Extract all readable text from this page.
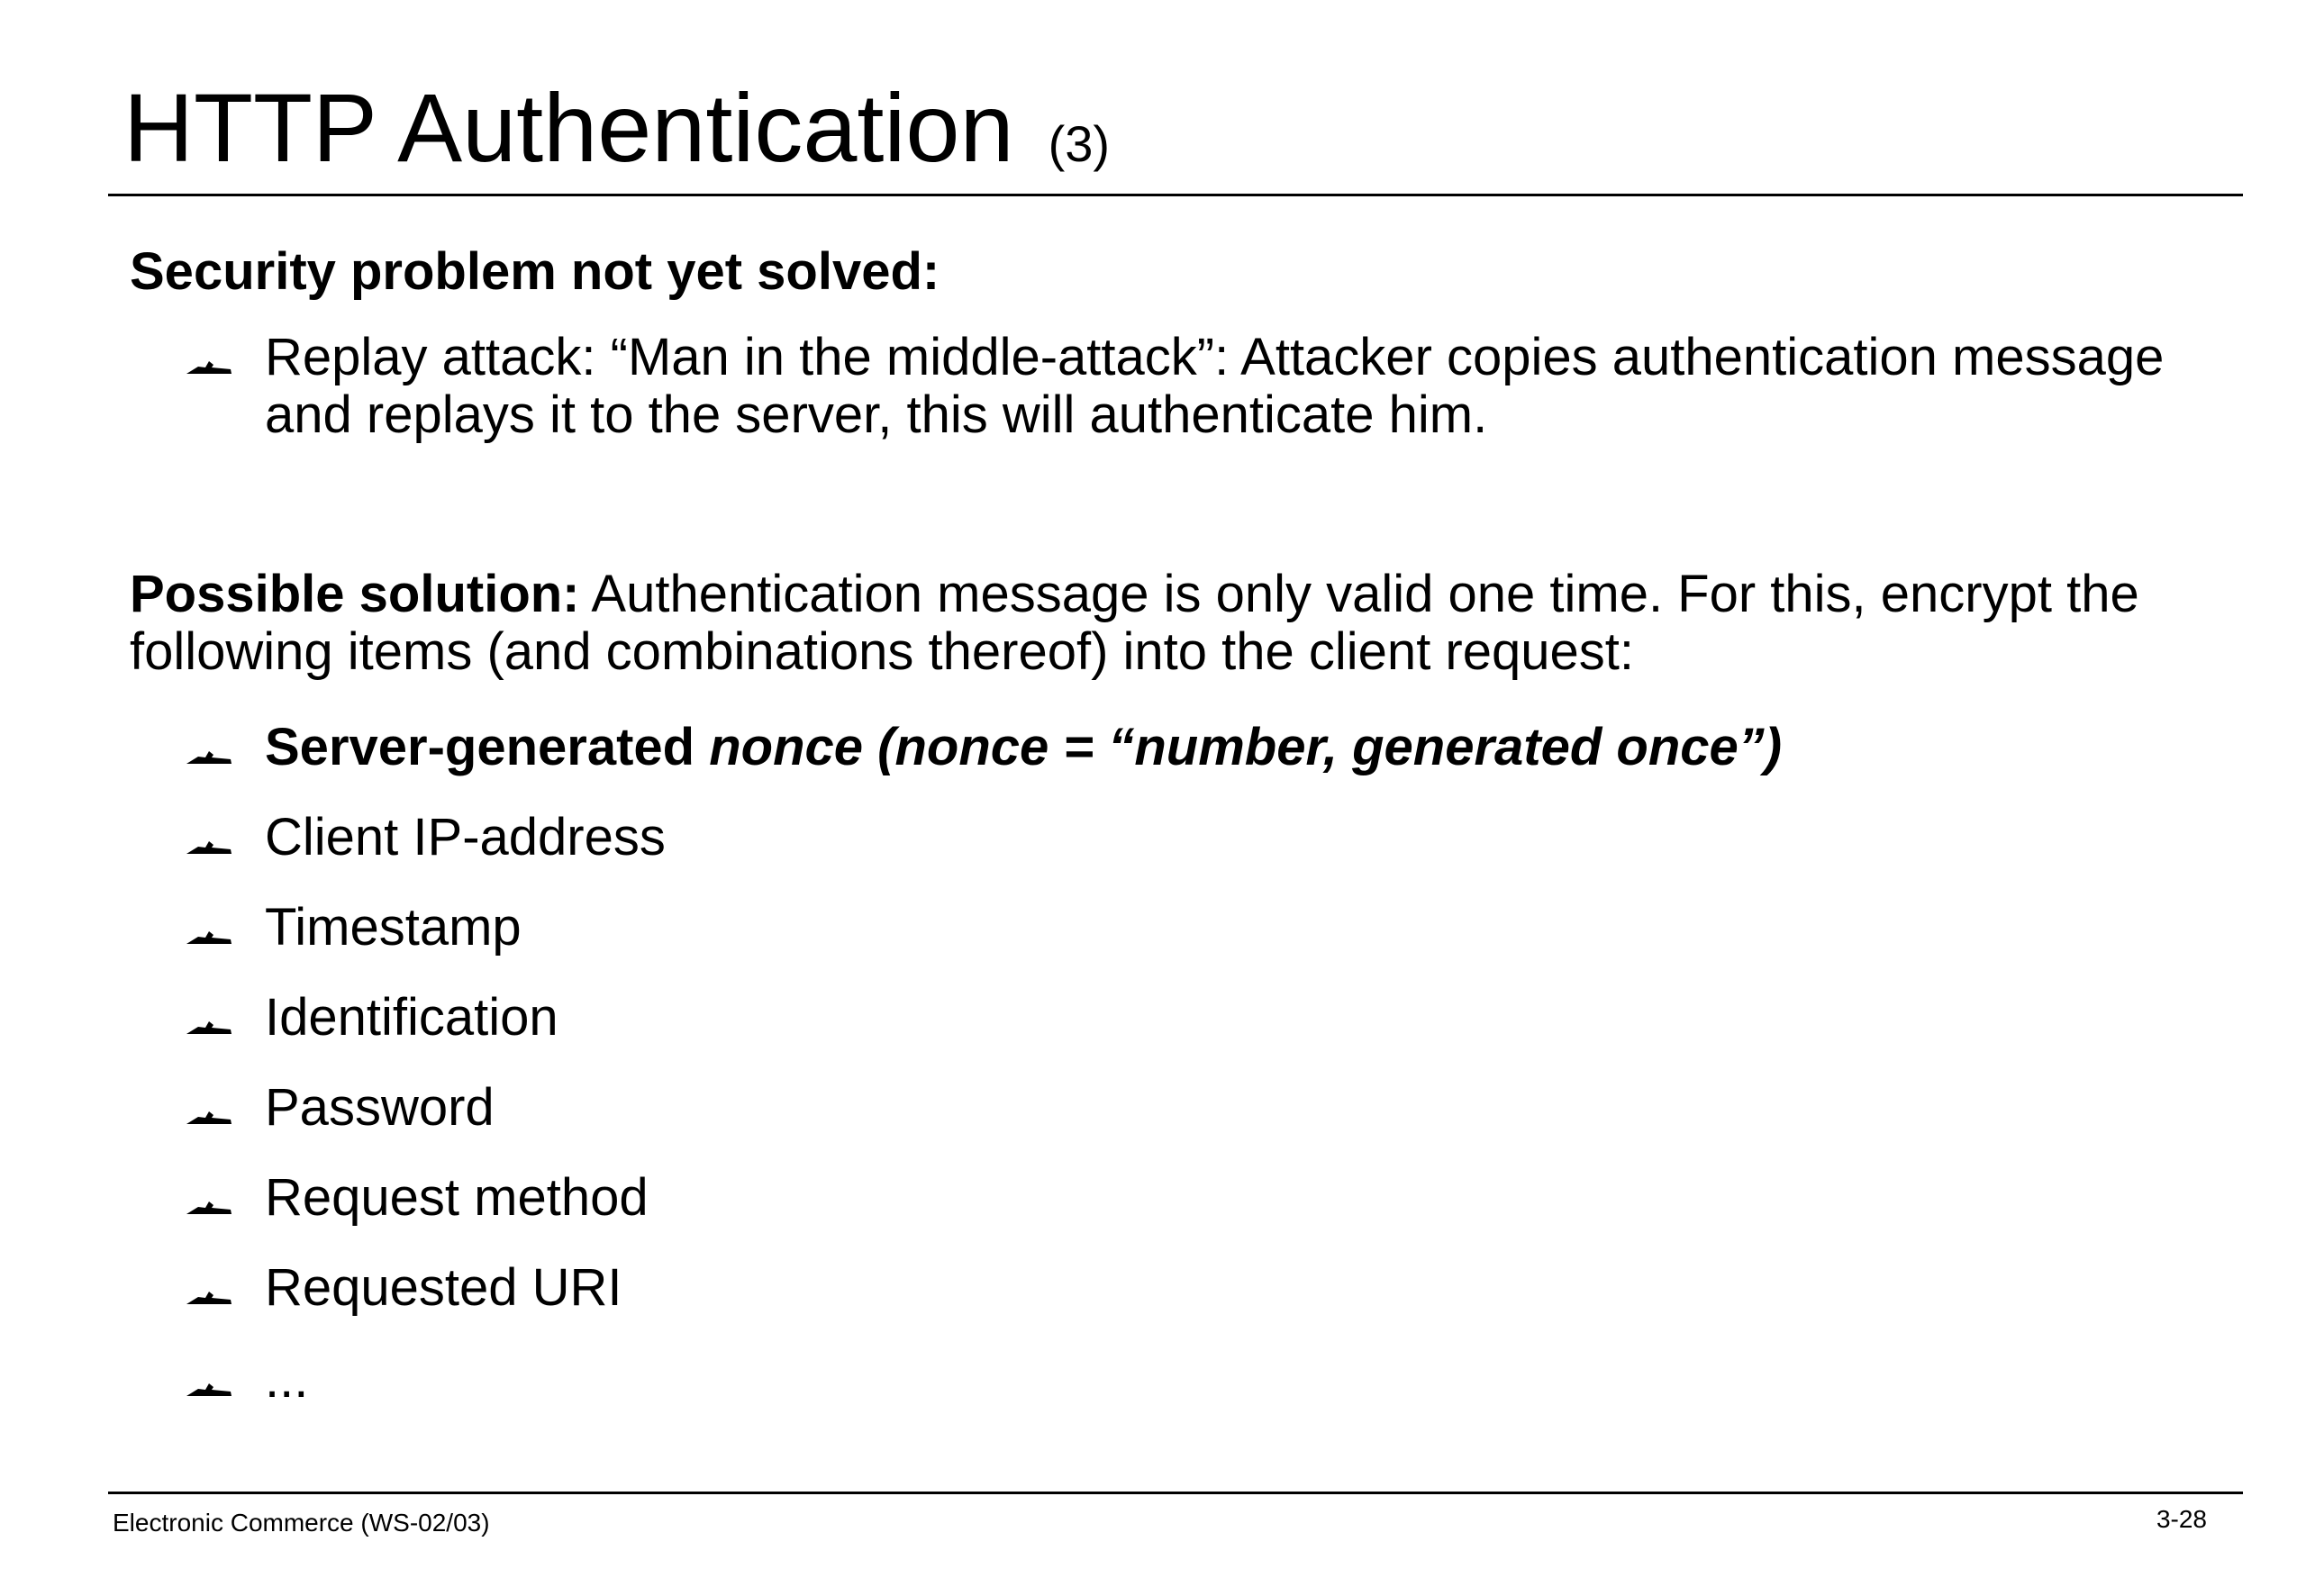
HTTP Authentication (3)
Security problem not yet solved:
Replay attack: “Man in the middle-attack”: Attacker copies authentication message and replays it to the server, this will authenticate him.
Possible solution: Authentication message is only valid one time. For this, encrypt the following items (and combinations thereof) into the client request:
Server-generated nonce (nonce = “number, generated once”)
Client IP-address
Timestamp
Identification
Password
Request method
Requested URI
...
Electronic Commerce (WS-02/03)	3-28
